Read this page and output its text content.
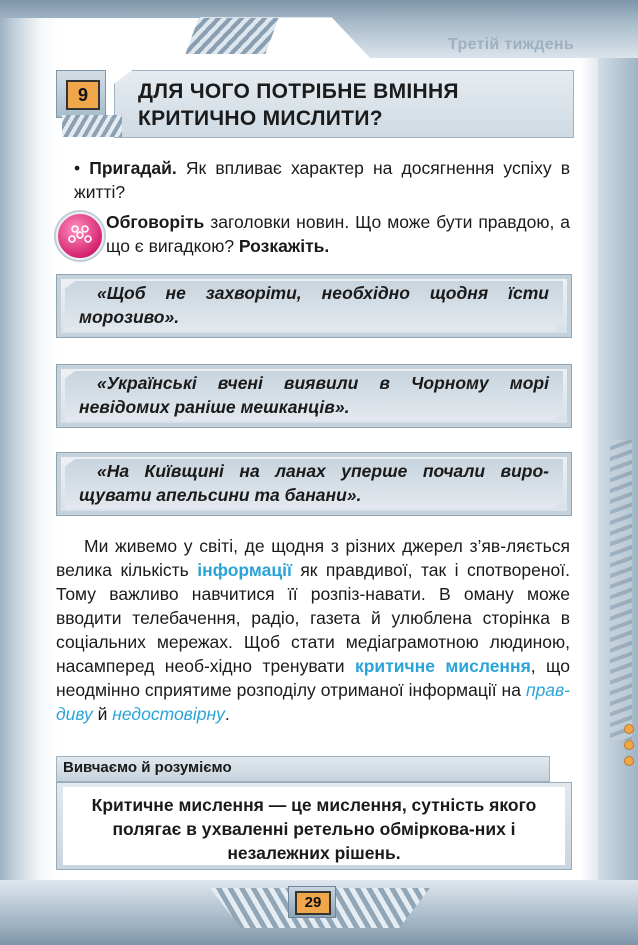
Третій тиждень
9	ДЛЯ ЧОГО ПОТРІБНЕ ВМІННЯ
КРИТИЧНО МИСЛИТИ?
• Пригадай. Як впливає характер на досягнення успіху в житті?
Обговоріть заголовки новин. Що може бути правдою, а що є вигадкою? Розкажіть.
«Щоб не захворіти, необхідно щодня їсти морозиво».
«Українські вчені виявили в Чорному морі невідомих раніше мешканців».
«На Київщині на ланах уперше почали виро-щувати апельсини та банани».
Ми живемо у світі, де щодня з різних джерел з’яв-ляється велика кількість інформації як правдивої, так і спотвореної. Тому важливо навчитися її розпіз-навати. В оману може вводити телебачення, радіо, газета й улюблена сторінка в соціальних мережах. Щоб стати медіаграмотною людиною, насамперед необ-хідно тренувати критичне мислення, що неодмінно сприятиме розподілу отриманої інформації на прав-диву й недостовірну.
Вивчаємо й розуміємо
Критичне мислення — це мислення, сутність якого полягає в ухваленні ретельно обміркова-них і незалежних рішень.
29
